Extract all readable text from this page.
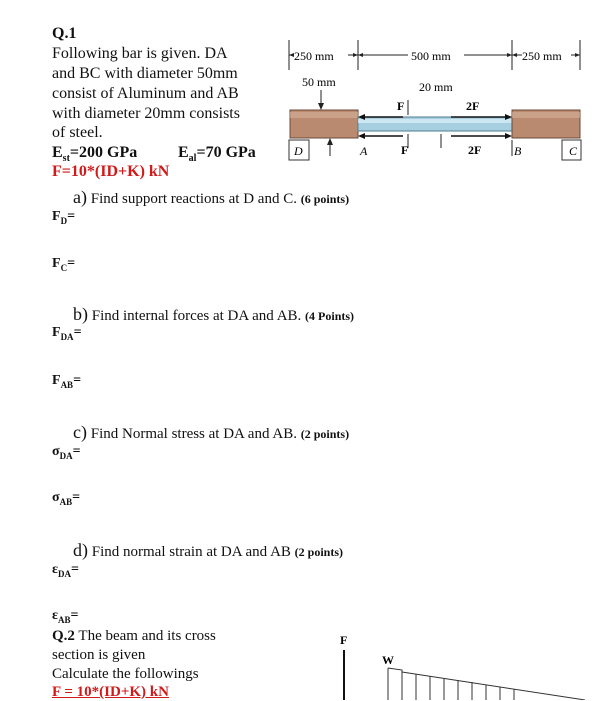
Q.1
Following bar is given. DA
and BC with diameter 50mm
consist of Aluminum and AB
with diameter 20mm consists
of steel.
$E_{st}=200$ GPa	$E_{al}=70$ GPa
F=10*(ID+K) kN
250 mm	500 mm	250 mm
50 mm	20 mm
F	2F
F	2F
D	A	B	C
a) Find support reactions at D and C. (6 points)
$F_D=$
$F_C=$
b) Find internal forces at DA and AB. (4 Points)
$F_{DA}=$
$F_{AB}=$
c) Find Normal stress at DA and AB. (2 points)
$\sigma_{DA}=$
$\sigma_{AB}=$
d) Find normal strain at DA and AB (2 points)
$\varepsilon_{DA}=$
$\varepsilon_{AB}=$
Q.2 The beam and its cross
section is given
Calculate the followings
F = 10*(ID+K) kN
F
W
